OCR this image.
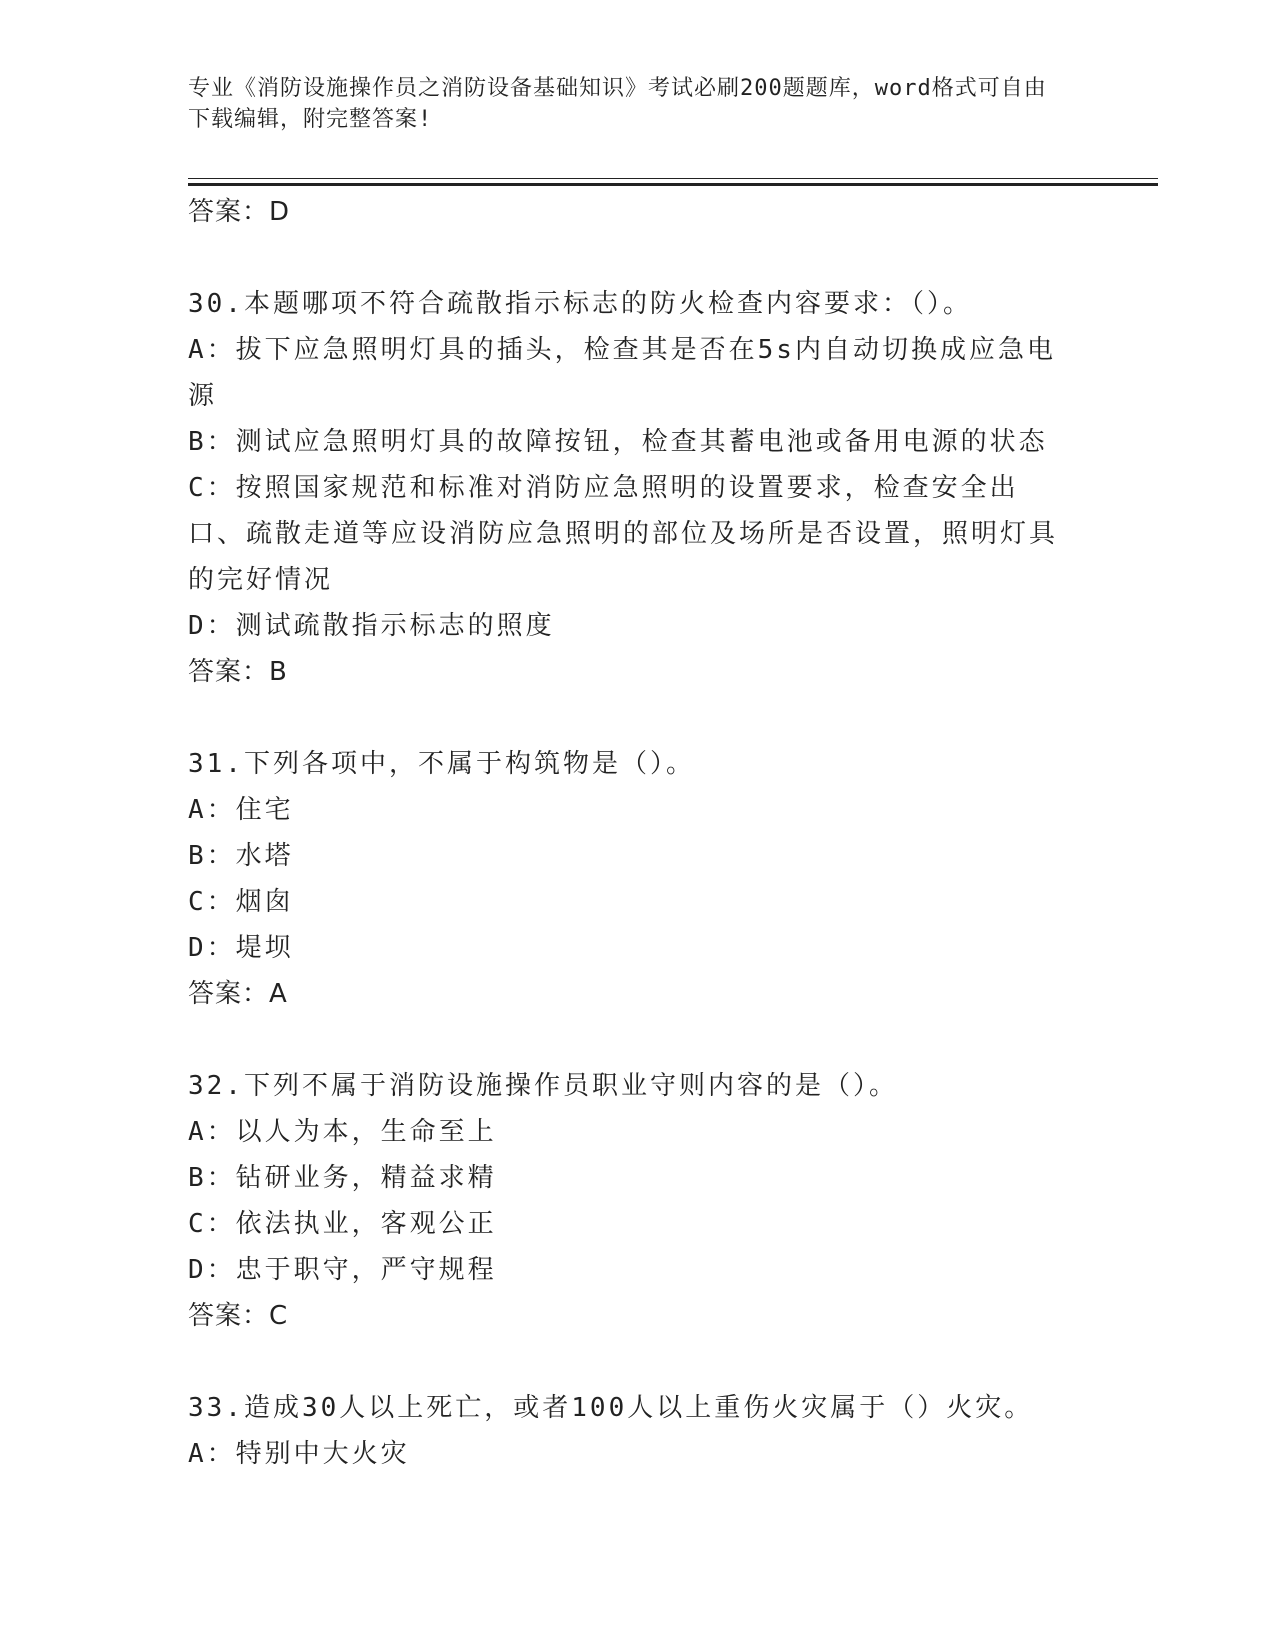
专业《消防设施操作员之消防设备基础知识》考试必刷200题题库，word格式可自由下载编辑，附完整答案!
答案：D
30.本题哪项不符合疏散指示标志的防火检查内容要求：（）。
A：拔下应急照明灯具的插头，检查其是否在5s内自动切换成应急电源
B：测试应急照明灯具的故障按钮，检查其蓄电池或备用电源的状态
C：按照国家规范和标准对消防应急照明的设置要求，检查安全出口、疏散走道等应设消防应急照明的部位及场所是否设置，照明灯具的完好情况
D：测试疏散指示标志的照度
答案：B
31.下列各项中，不属于构筑物是（）。
A：住宅
B：水塔
C：烟囱
D：堤坝
答案：A
32.下列不属于消防设施操作员职业守则内容的是（）。
A：以人为本，生命至上
B：钻研业务，精益求精
C：依法执业，客观公正
D：忠于职守，严守规程
答案：C
33.造成30人以上死亡，或者100人以上重伤火灾属于（）火灾。
A：特别中大火灾
